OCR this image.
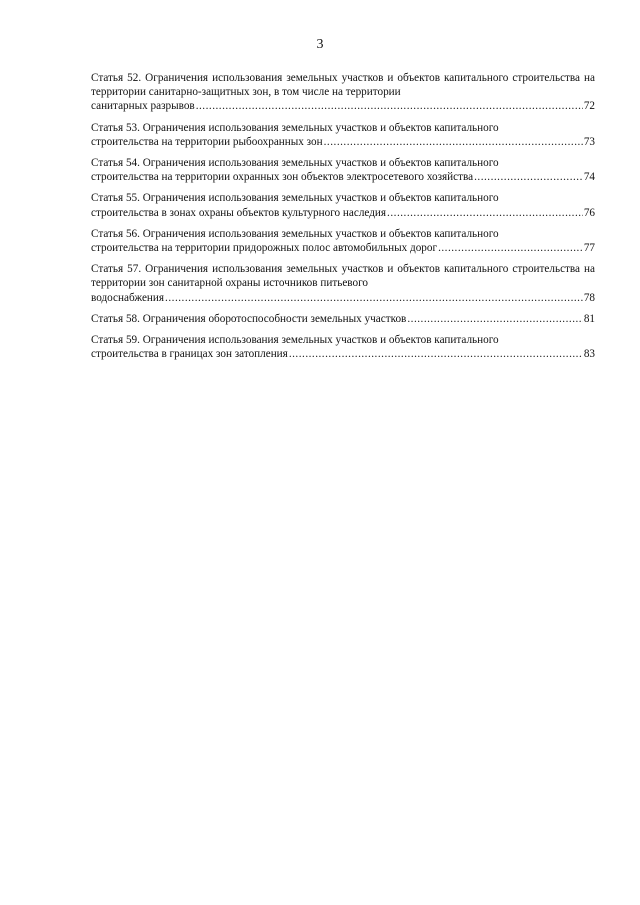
3
Статья 52. Ограничения использования земельных участков и объектов капитального строительства на территории санитарно-защитных зон, в том числе на территории
санитарных разрывов .....	72
Статья 53. Ограничения использования земельных участков и объектов капитального
строительства на территории рыбоохранных зон .....	73
Статья 54. Ограничения использования земельных участков и объектов капитального
строительства на территории охранных зон объектов электросетевого хозяйства .....	74
Статья 55. Ограничения использования земельных участков и объектов капитального
строительства в зонах охраны объектов культурного наследия .....	76
Статья 56. Ограничения использования земельных участков и объектов капитального
строительства на территории придорожных полос автомобильных дорог .....	77
Статья 57. Ограничения использования земельных участков и объектов капитального строительства на территории зон санитарной охраны источников питьевого
водоснабжения .....	78
Статья 58. Ограничения оборотоспособности земельных участков .....	81
Статья 59. Ограничения использования земельных участков и объектов капитального
строительства в границах зон затопления .....	83
